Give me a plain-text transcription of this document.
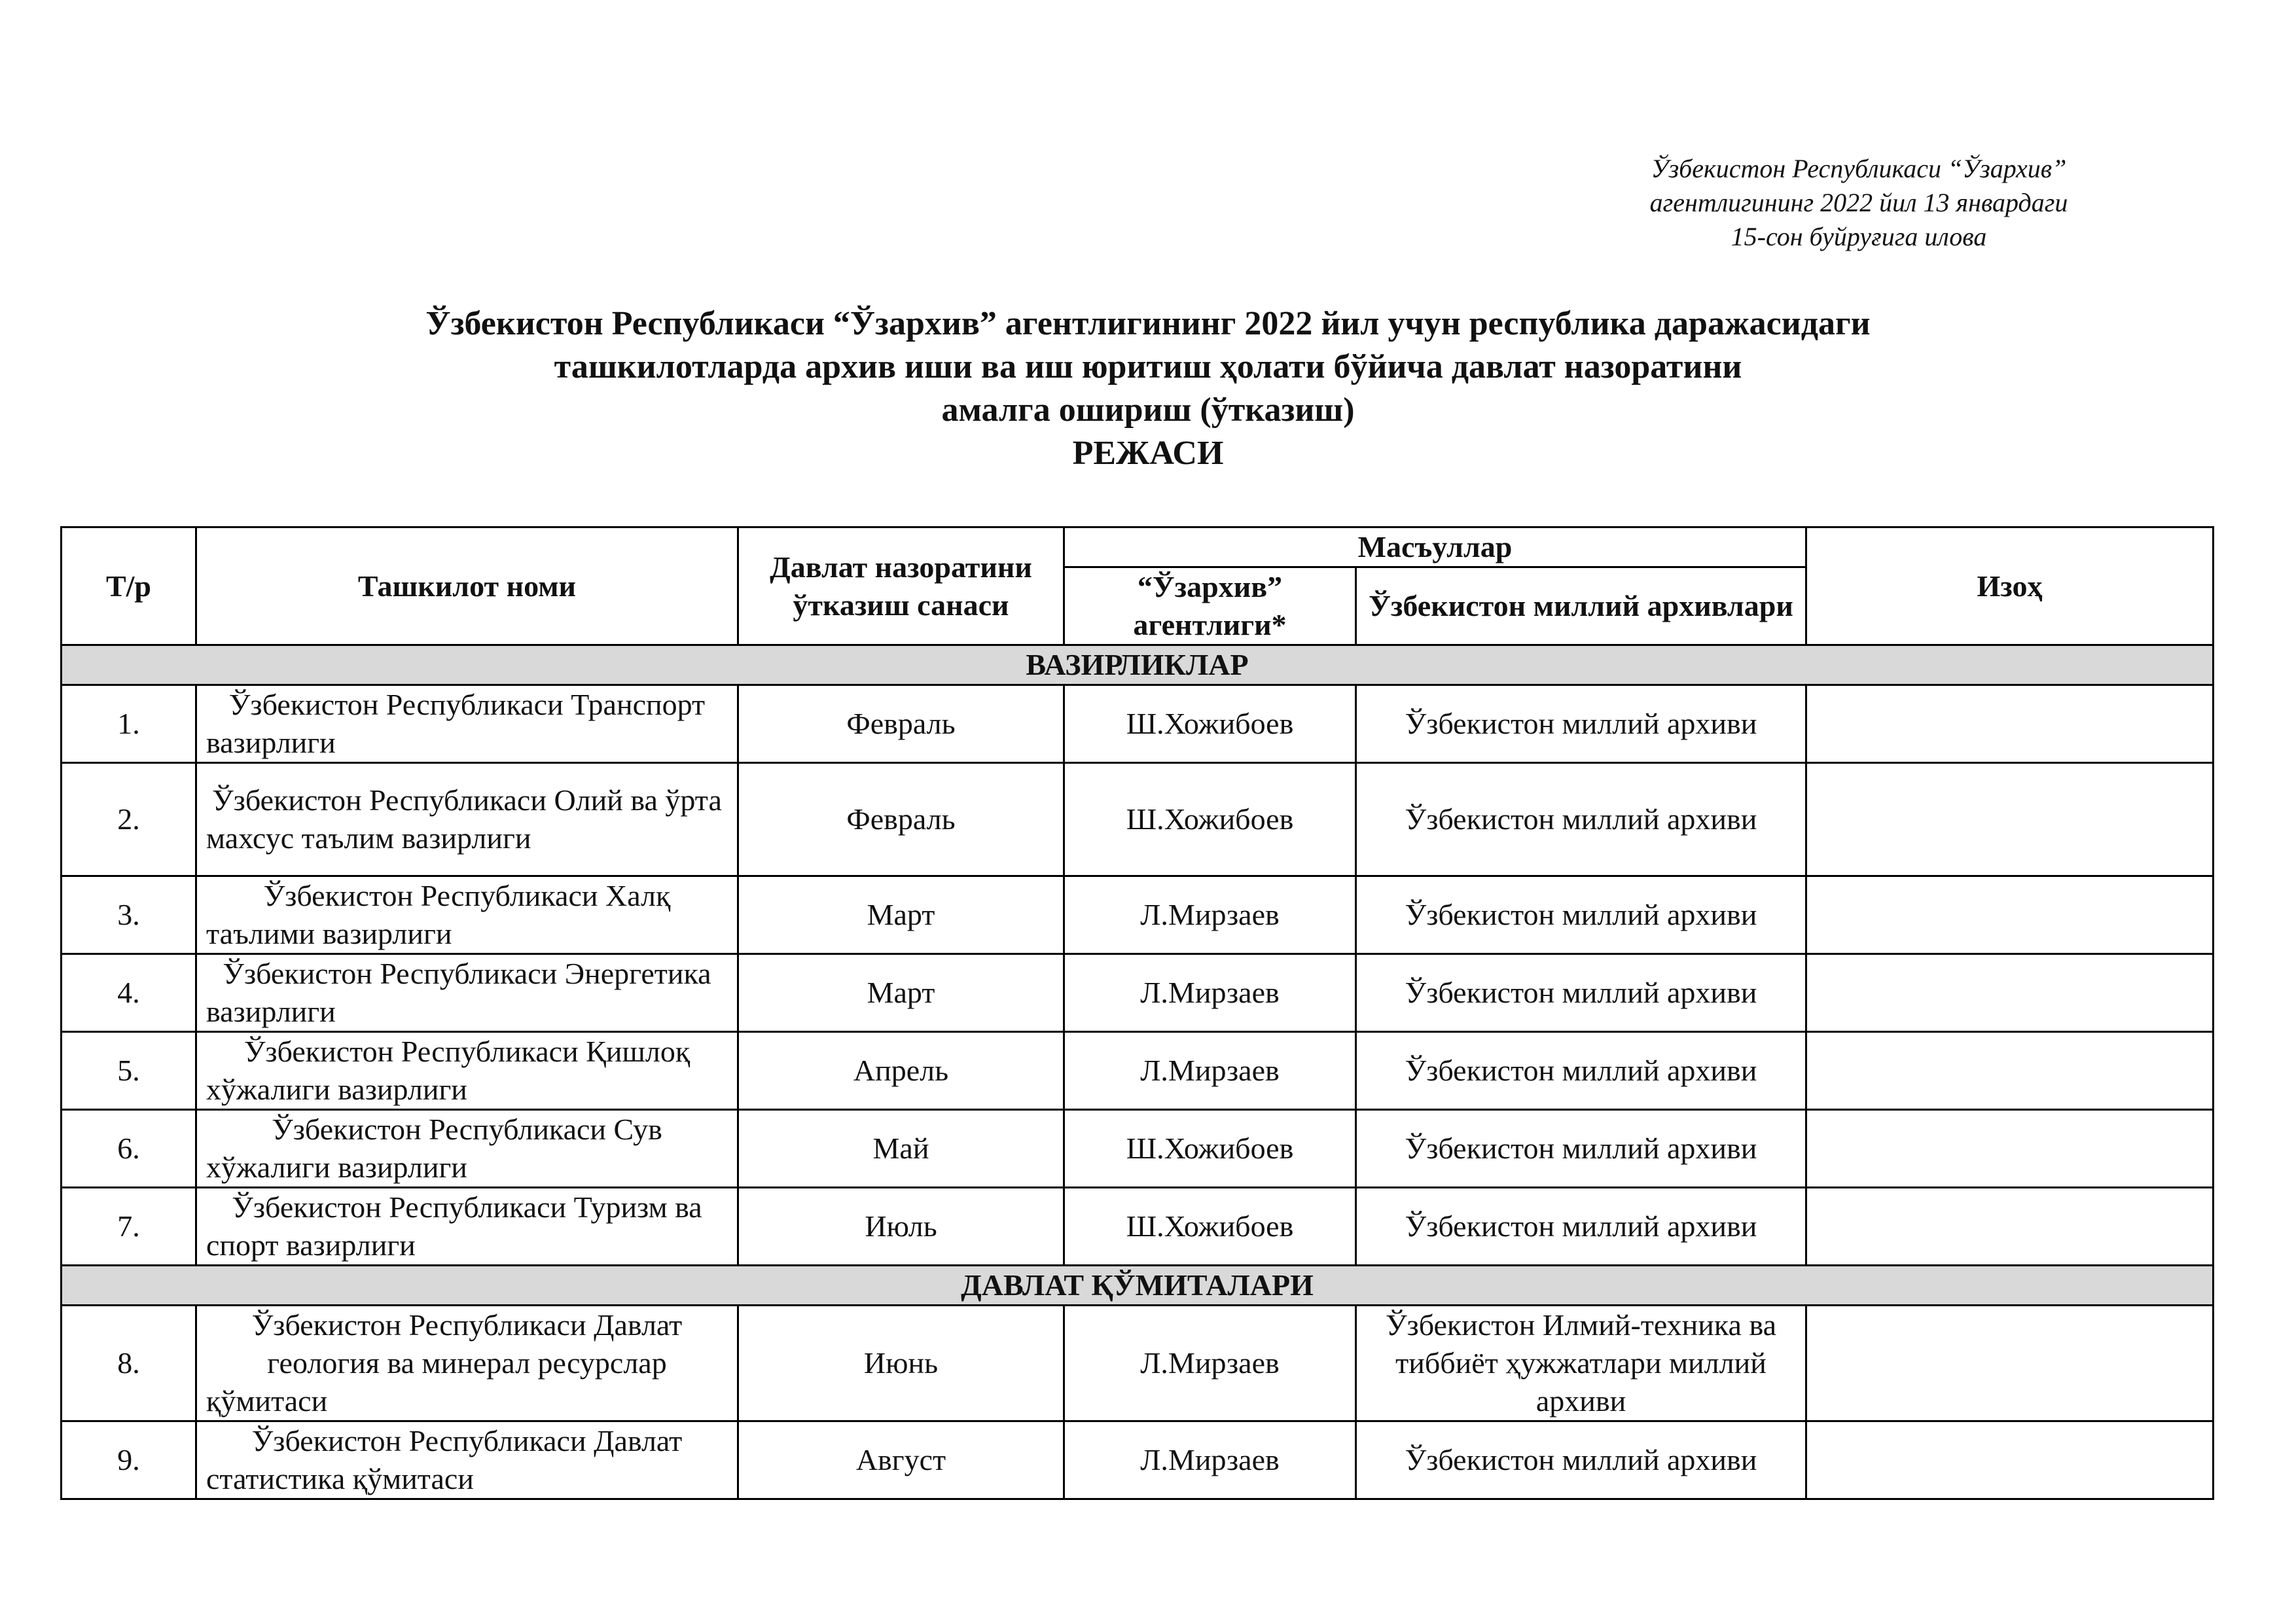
Ўзбекистон Республикаси “Ўзархив”
агентлигининг 2022 йил 13 январдаги
15-сон буйруғига илова
Ўзбекистон Республикаси “Ўзархив” агентлигининг 2022 йил учун республика даражасидаги
ташкилотларда архив иши ва иш юритиш ҳолати бўйича давлат назоратини
амалга ошириш (ўтказиш)
РЕЖАСИ
Т/р	Ташкилот номи	Давлат назоратини ўтказиш санаси	Масъуллар		Изоҳ
			“Ўзархив” агентлиги*	Ўзбекистон миллий архивлари	
ВАЗИРЛИКЛАР					
1.	Ўзбекистон Республикаси Транспорт вазирлиги	Февраль	Ш.Хожибоев	Ўзбекистон миллий архиви	
2.	Ўзбекистон Республикаси Олий ва ўрта махсус таълим вазирлиги	Февраль	Ш.Хожибоев	Ўзбекистон миллий архиви	
3.	Ўзбекистон Республикаси Халқ таълими вазирлиги	Март	Л.Мирзаев	Ўзбекистон миллий архиви	
4.	Ўзбекистон Республикаси Энергетика вазирлиги	Март	Л.Мирзаев	Ўзбекистон миллий архиви	
5.	Ўзбекистон Республикаси Қишлоқ хўжалиги вазирлиги	Апрель	Л.Мирзаев	Ўзбекистон миллий архиви	
6.	Ўзбекистон Республикаси Сув хўжалиги вазирлиги	Май	Ш.Хожибоев	Ўзбекистон миллий архиви	
7.	Ўзбекистон Республикаси Туризм ва спорт вазирлиги	Июль	Ш.Хожибоев	Ўзбекистон миллий архиви	
ДАВЛАТ ҚЎМИТАЛАРИ					
8.	Ўзбекистон Республикаси Давлат геология ва минерал ресурслар қўмитаси	Июнь	Л.Мирзаев	Ўзбекистон Илмий-техника ва тиббиёт ҳужжатлари миллий архиви	
9.	Ўзбекистон Республикаси Давлат статистика қўмитаси	Август	Л.Мирзаев	Ўзбекистон миллий архиви	
